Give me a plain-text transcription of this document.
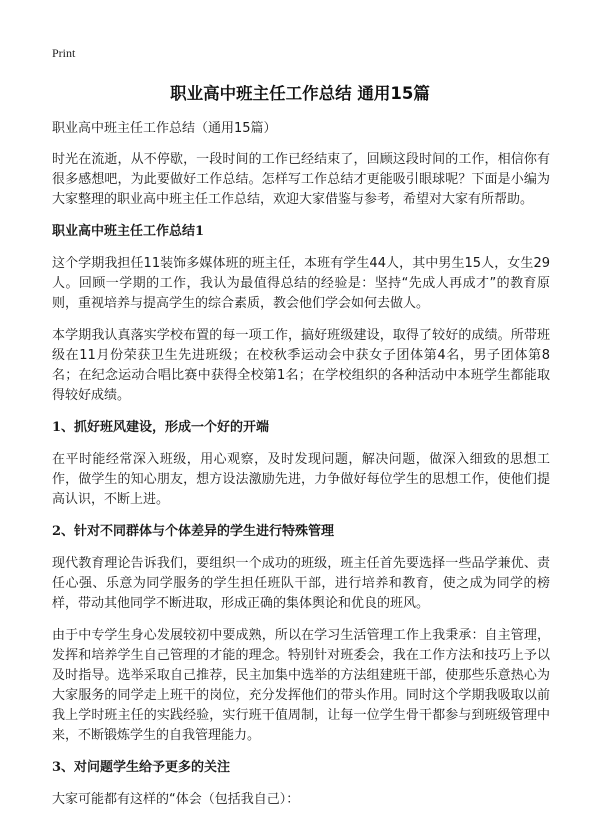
Print
职业高中班主任工作总结 通用15篇

职业高中班主任工作总结（通用15篇）

时光在流逝，从不停歇，一段时间的工作已经结束了，回顾这段时间的工作，相信你有很多感想吧，为此要做好工作总结。怎样写工作总结才更能吸引眼球呢？下面是小编为大家整理的职业高中班主任工作总结，欢迎大家借鉴与参考，希望对大家有所帮助。

职业高中班主任工作总结1

这个学期我担任11装饰多媒体班的班主任，本班有学生44人，其中男生15人，女生29人。回顾一学期的工作，我认为最值得总结的经验是：坚持“先成人再成才”的教育原则，重视培养与提高学生的综合素质，教会他们学会如何去做人。

本学期我认真落实学校布置的每一项工作，搞好班级建设，取得了较好的成绩。所带班级在11月份荣获卫生先进班级；在校秋季运动会中获女子团体第4名，男子团体第8名；在纪念运动合唱比赛中获得全校第1名；在学校组织的各种活动中本班学生都能取得较好成绩。

1、抓好班风建设，形成一个好的开端

在平时能经常深入班级，用心观察，及时发现问题，解决问题，做深入细致的思想工作，做学生的知心朋友，想方设法激励先进，力争做好每位学生的思想工作，使他们提高认识，不断上进。

2、针对不同群体与个体差异的学生进行特殊管理

现代教育理论告诉我们，要组织一个成功的班级，班主任首先要选择一些品学兼优、责任心强、乐意为同学服务的学生担任班队干部，进行培养和教育，使之成为同学的榜样，带动其他同学不断进取，形成正确的集体舆论和优良的班风。

由于中专学生身心发展较初中要成熟，所以在学习生活管理工作上我秉承：自主管理，发挥和培养学生自己管理的才能的理念。特别针对班委会，我在工作方法和技巧上予以及时指导。选举采取自己推荐，民主加集中选举的方法组建班干部，使那些乐意热心为大家服务的同学走上班干的岗位，充分发挥他们的带头作用。同时这个学期我吸取以前我上学时班主任的实践经验，实行班干值周制，让每一位学生骨干都参与到班级管理中来，不断锻炼学生的自我管理能力。

3、对问题学生给予更多的关注

大家可能都有这样的“体会（包括我自己）：
